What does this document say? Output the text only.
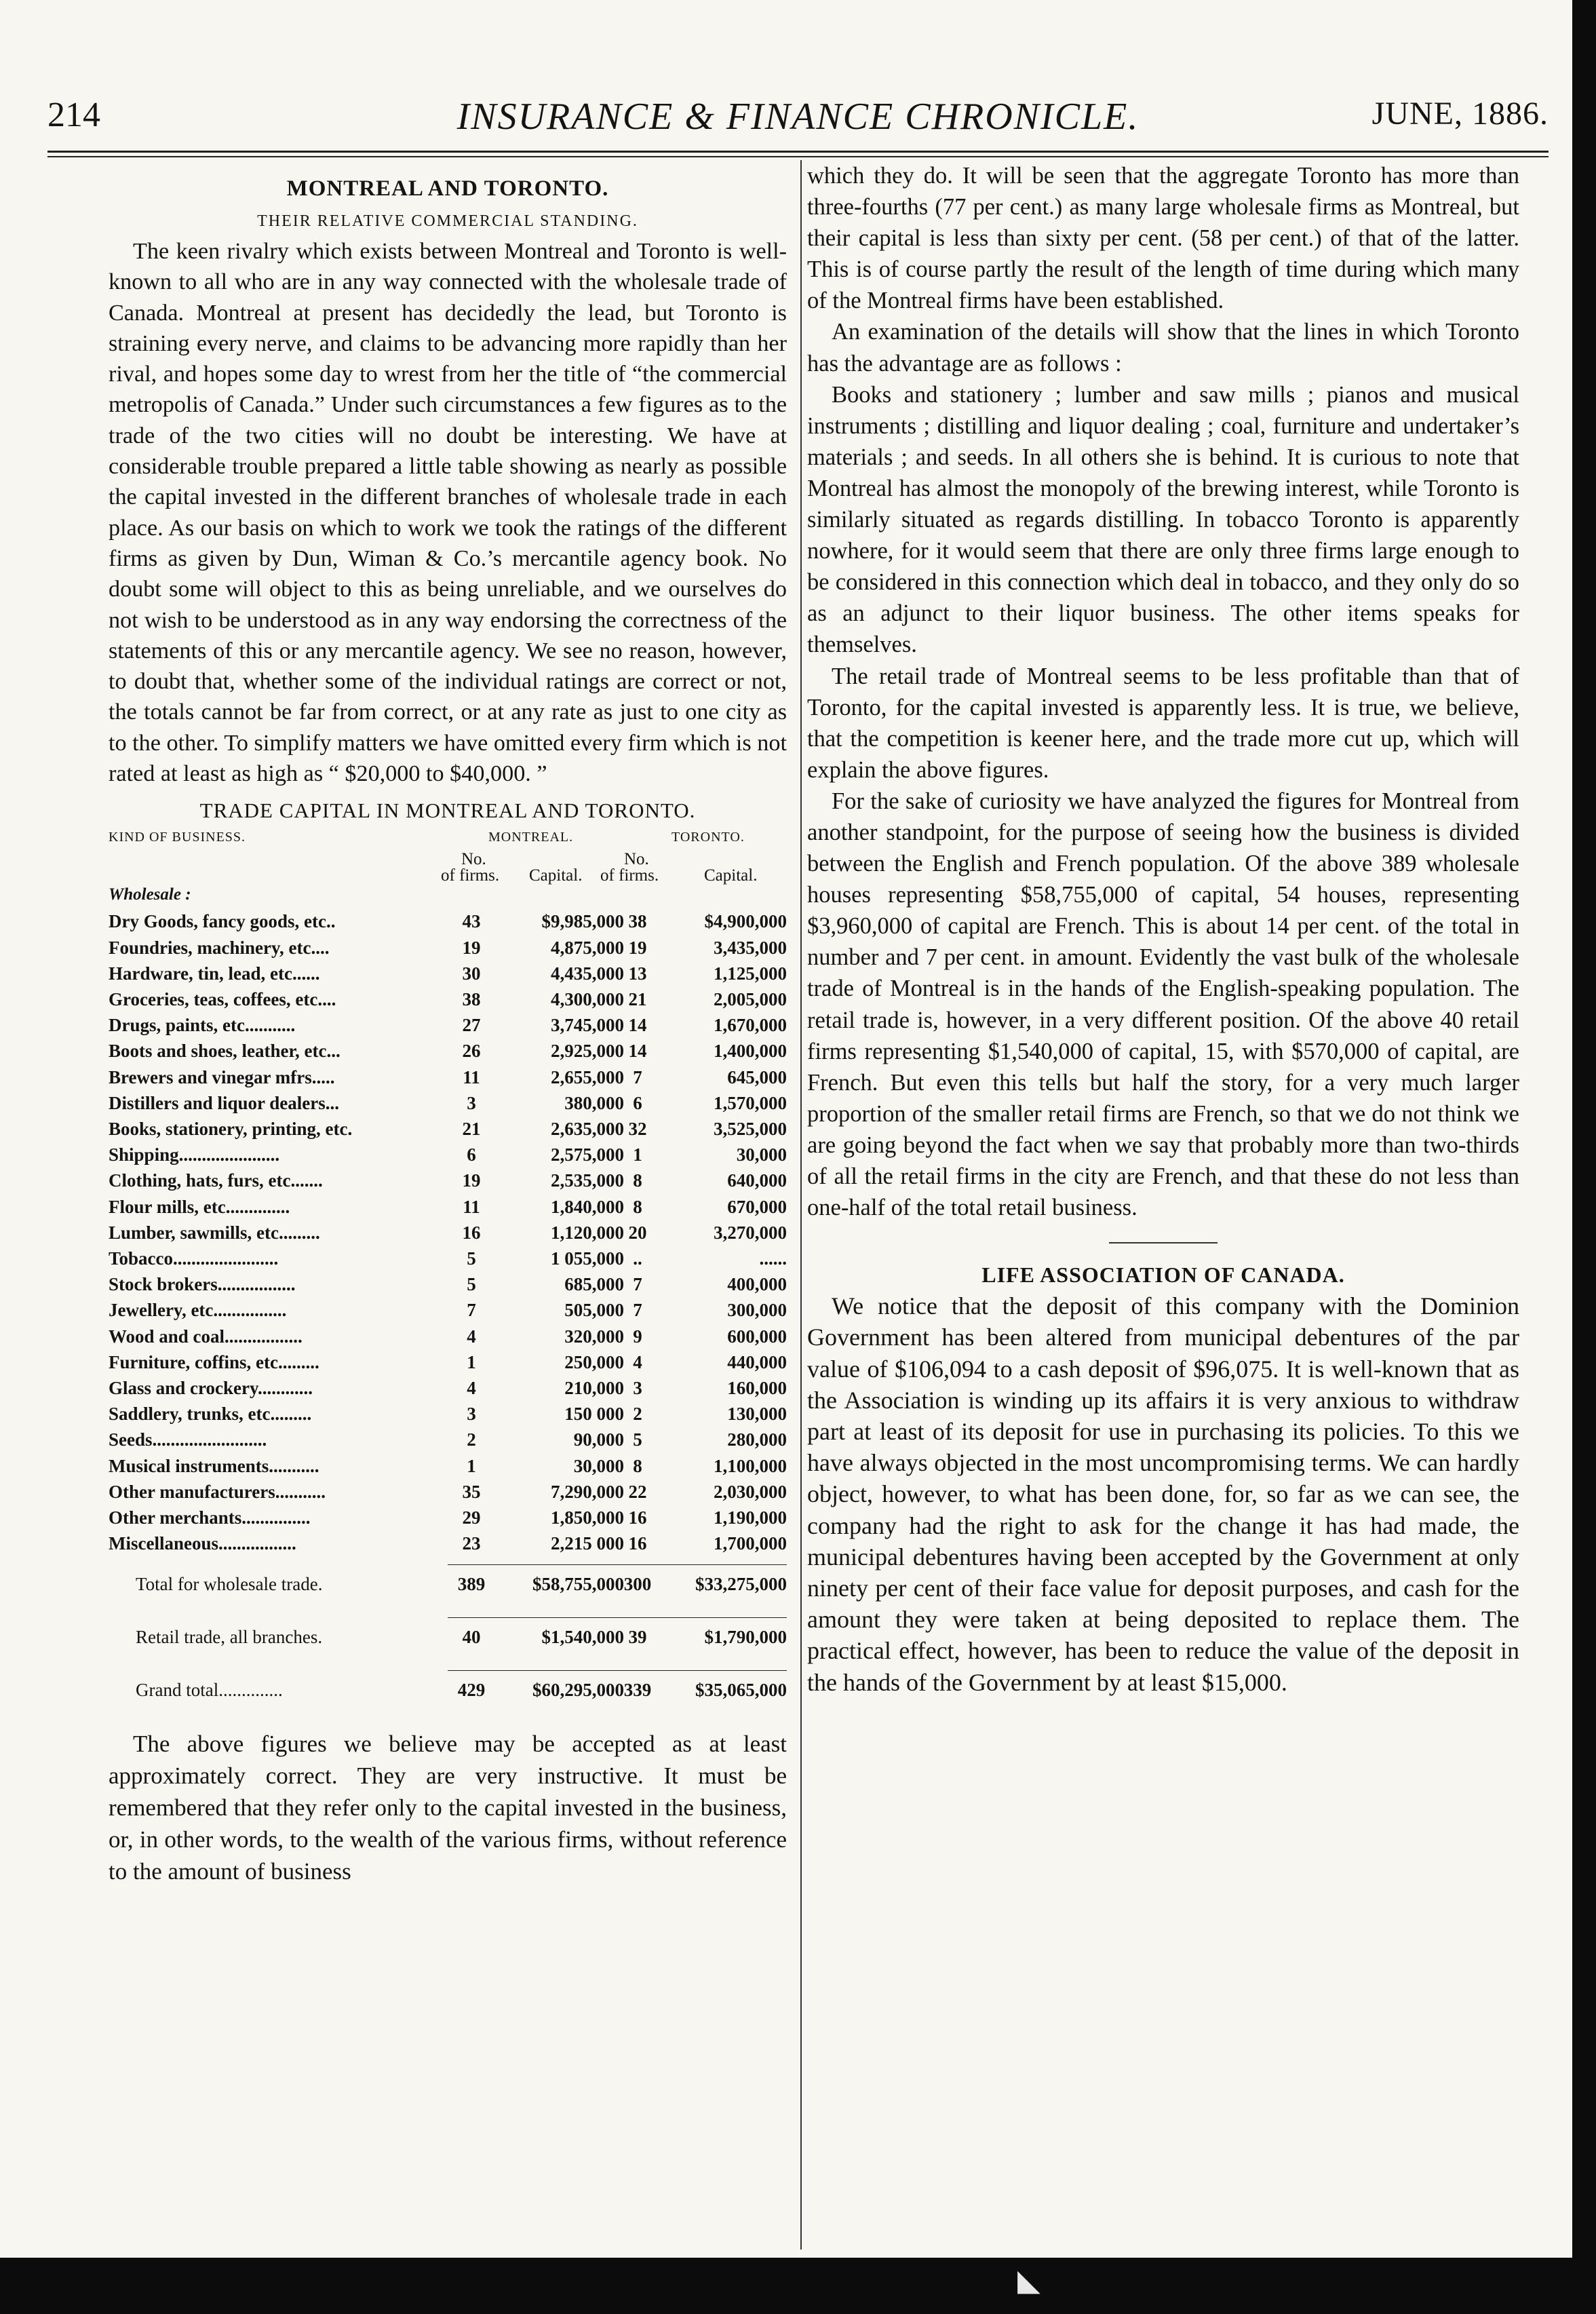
◣
214	INSURANCE & FINANCE CHRONICLE.	JUNE, 1886.
MONTREAL AND TORONTO.
THEIR RELATIVE COMMERCIAL STANDING.

The keen rivalry which exists between Montreal and Toronto is well-known to all who are in any way connected with the wholesale trade of Canada. Montreal at present has decidedly the lead, but Toronto is straining every nerve, and claims to be advancing more rapidly than her rival, and hopes some day to wrest from her the title of “the commercial metropolis of Canada.” Under such circumstances a few figures as to the trade of the two cities will no doubt be interesting. We have at considerable trouble prepared a little table showing as nearly as possible the capital invested in the different branches of wholesale trade in each place. As our basis on which to work we took the ratings of the different firms as given by Dun, Wiman & Co.’s mercantile agency book. No doubt some will object to this as being unreliable, and we ourselves do not wish to be understood as in any way endorsing the correctness of the statements of this or any mercantile agency. We see no reason, however, to doubt that, whether some of the individual ratings are correct or not, the totals cannot be far from correct, or at any rate as just to one city as to the other. To simplify matters we have omitted every firm which is not rated at least as high as “ $20,000 to $40,000. ”

TRADE CAPITAL IN MONTREAL AND TORONTO.
KIND OF BUSINESS.	MONTREAL.	TORONTO.
No.	No.
of firms. Capital. of firms.	Capital.
Wholesale :
Dry Goods, fancy goods, etc..	43	$9,985,000 38	$4,900,000
Foundries, machinery, etc....	19	4,875,000 19	3,435,000
Hardware, tin, lead, etc......	30	4,435,000 13	1,125,000
Groceries, teas, coffees, etc....	38	4,300,000 21	2,005,000
Drugs, paints, etc...........	27	3,745,000 14	1,670,000
Boots and shoes, leather, etc...	26	2,925,000 14	1,400,000
Brewers and vinegar mfrs.....	11	2,655,000 7	645,000
Distillers and liquor dealers...	3	380,000 6	1,570,000
Books, stationery, printing, etc.	21	2,635,000 32	3,525,000
Shipping......................	6	2,575,000 1	30,000
Clothing, hats, furs, etc.......	19	2,535,000 8	640,000
Flour mills, etc..............	11	1,840,000 8	670,000
Lumber, sawmills, etc.........	16	1,120,000 20	3,270,000
Tobacco.......................	5	1 055,000 ..	......
Stock brokers.................	5	685,000 7	400,000
Jewellery, etc................	7	505,000 7	300,000
Wood and coal.................	4	320,000 9	600,000
Furniture, coffins, etc.........	1	250,000 4	440,000
Glass and crockery............	4	210,000 3	160,000
Saddlery, trunks, etc.........	3	150 000 2	130,000
Seeds.........................	2	90,000 5	280,000
Musical instruments...........	1	30,000 8	1,100,000
Other manufacturers...........	35	7,290,000 22	2,030,000
Other merchants...............	29	1,850,000 16	1,190,000
Miscellaneous.................	23	2,215 000 16	1,700,000
Total for wholesale trade.	389	$58,755,000 300	$33,275,000
Retail trade, all branches.	40	$1,540,000 39	$1,790,000
Grand total..............	429	$60,295,000 339	$35,065,000

The above figures we believe may be accepted as at least approximately correct. They are very instructive. It must be remembered that they refer only to the capital invested in the business, or, in other words, to the wealth of the various firms, without reference to the amount of business

which they do. It will be seen that the aggregate Toronto has more than three-fourths (77 per cent.) as many large wholesale firms as Montreal, but their capital is less than sixty per cent. (58 per cent.) of that of the latter. This is of course partly the result of the length of time during which many of the Montreal firms have been established.

An examination of the details will show that the lines in which Toronto has the advantage are as follows :

Books and stationery ; lumber and saw mills ; pianos and musical instruments ; distilling and liquor dealing ; coal, furniture and undertaker’s materials ; and seeds. In all others she is behind. It is curious to note that Montreal has almost the monopoly of the brewing interest, while Toronto is similarly situated as regards distilling. In tobacco Toronto is apparently nowhere, for it would seem that there are only three firms large enough to be considered in this connection which deal in tobacco, and they only do so as an adjunct to their liquor business. The other items speaks for themselves.

The retail trade of Montreal seems to be less profitable than that of Toronto, for the capital invested is apparently less. It is true, we believe, that the competition is keener here, and the trade more cut up, which will explain the above figures.

For the sake of curiosity we have analyzed the figures for Montreal from another standpoint, for the purpose of seeing how the business is divided between the English and French population. Of the above 389 wholesale houses representing $58,755,000 of capital, 54 houses, representing $3,960,000 of capital are French. This is about 14 per cent. of the total in number and 7 per cent. in amount. Evidently the vast bulk of the wholesale trade of Montreal is in the hands of the English-speaking population. The retail trade is, however, in a very different position. Of the above 40 retail firms representing $1,540,000 of capital, 15, with $570,000 of capital, are French. But even this tells but half the story, for a very much larger proportion of the smaller retail firms are French, so that we do not think we are going beyond the fact when we say that probably more than two-thirds of all the retail firms in the city are French, and that these do not less than one-half of the total retail business.

LIFE ASSOCIATION OF CANADA.

We notice that the deposit of this company with the Dominion Government has been altered from municipal debentures of the par value of $106,094 to a cash deposit of $96,075. It is well-known that as the Association is winding up its affairs it is very anxious to withdraw part at least of its deposit for use in purchasing its policies. To this we have always objected in the most uncompromising terms. We can hardly object, however, to what has been done, for, so far as we can see, the company had the right to ask for the change it has had made, the municipal debentures having been accepted by the Government at only ninety per cent of their face value for deposit purposes, and cash for the amount they were taken at being deposited to replace them. The practical effect, however, has been to reduce the value of the deposit in the hands of the Government by at least $15,000.
